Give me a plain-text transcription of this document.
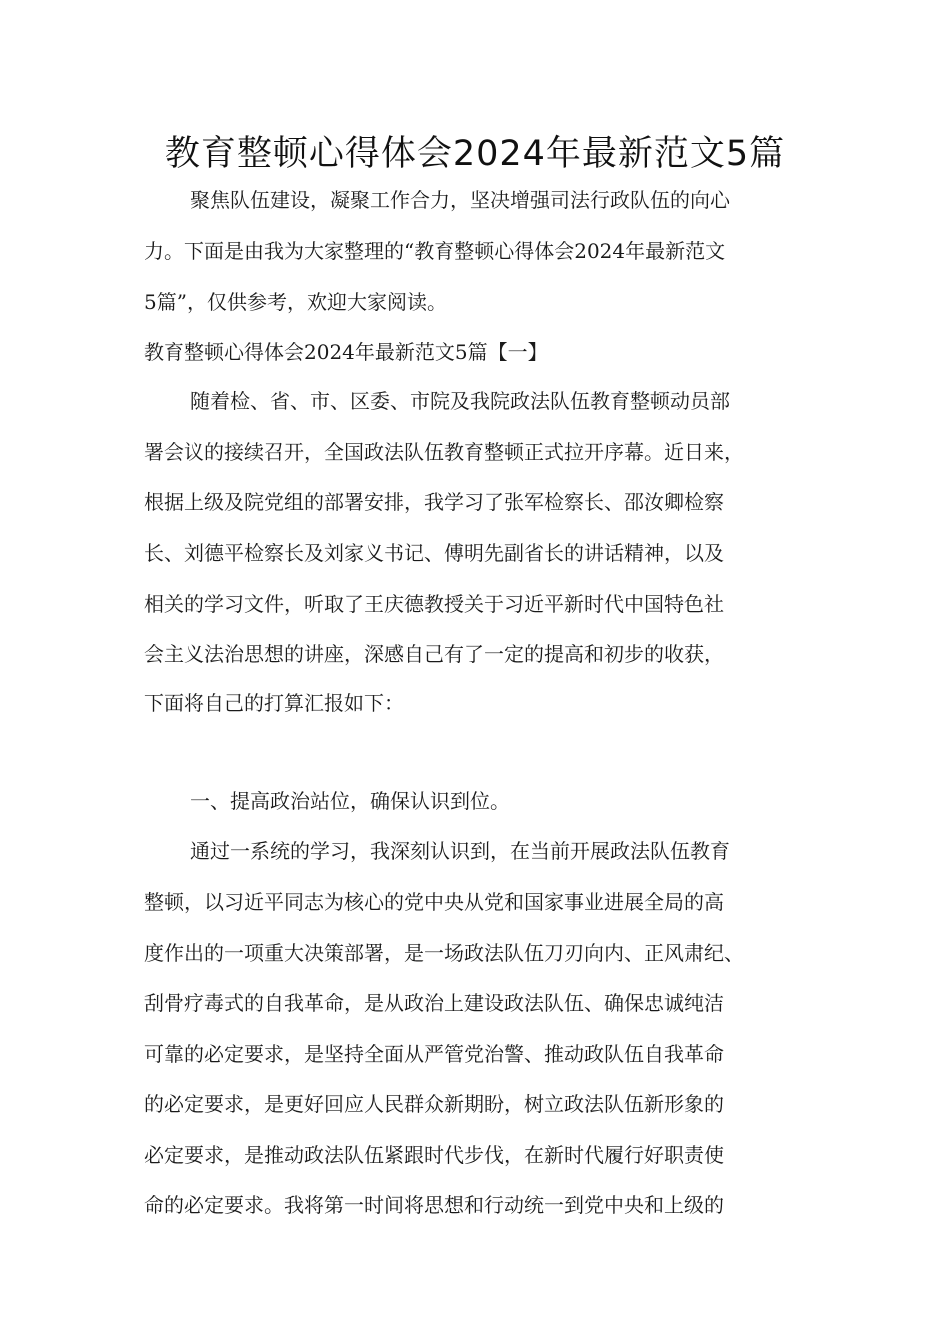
教育整顿心得体会2024年最新范文5篇
聚焦队伍建设，凝聚工作合力，坚决增强司法行政队伍的向心
力。下面是由我为大家整理的“教育整顿心得体会2024年最新范文
5篇”，仅供参考，欢迎大家阅读。
教育整顿心得体会2024年最新范文5篇【一】
随着检、省、市、区委、市院及我院政法队伍教育整顿动员部
署会议的接续召开，全国政法队伍教育整顿正式拉开序幕。近日来，
根据上级及院党组的部署安排，我学习了张军检察长、邵汝卿检察
长、刘德平检察长及刘家义书记、傅明先副省长的讲话精神，以及
相关的学习文件，听取了王庆德教授关于习近平新时代中国特色社
会主义法治思想的讲座，深感自己有了一定的提高和初步的收获，
下面将自己的打算汇报如下：
一、提高政治站位，确保认识到位。
通过一系统的学习，我深刻认识到，在当前开展政法队伍教育
整顿，以习近平同志为核心的党中央从党和国家事业进展全局的高
度作出的一项重大决策部署，是一场政法队伍刀刃向内、正风肃纪、
刮骨疗毒式的自我革命，是从政治上建设政法队伍、确保忠诚纯洁
可靠的必定要求，是坚持全面从严管党治警、推动政队伍自我革命
的必定要求，是更好回应人民群众新期盼，树立政法队伍新形象的
必定要求，是推动政法队伍紧跟时代步伐，在新时代履行好职责使
命的必定要求。我将第一时间将思想和行动统一到党中央和上级的
